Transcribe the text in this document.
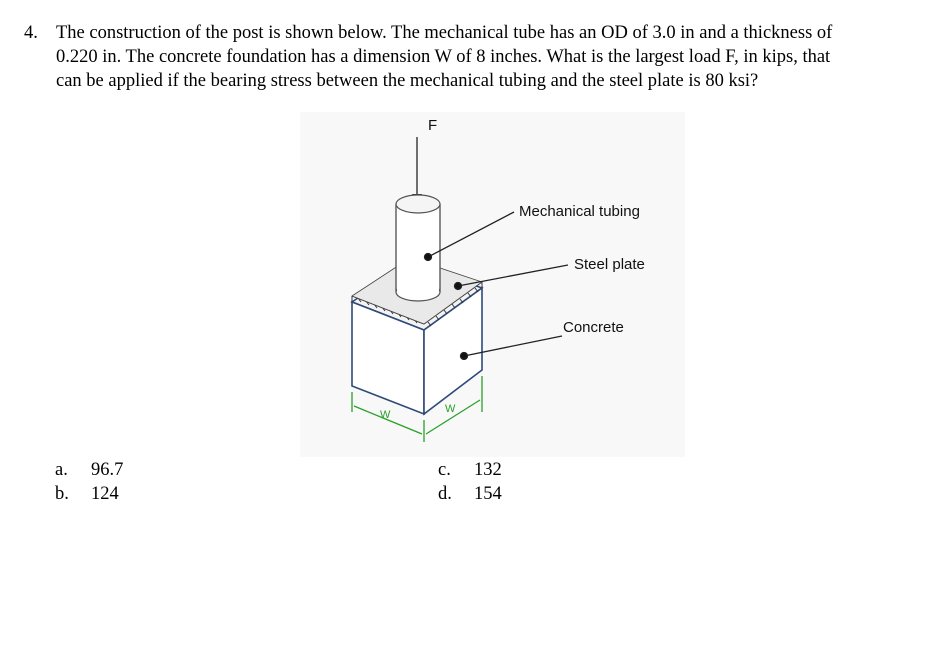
4. The construction of the post is shown below. The mechanical tube has an OD of 3.0 in and a thickness of
0.220 in. The concrete foundation has a dimension W of 8 inches. What is the largest load F, in kips, that
can be applied if the bearing stress between the mechanical tubing and the steel plate is 80 ksi?
F
Mechanical tubing
Steel plate
Concrete
W	W
a. 96.7
b. 124
c. 132
d. 154
